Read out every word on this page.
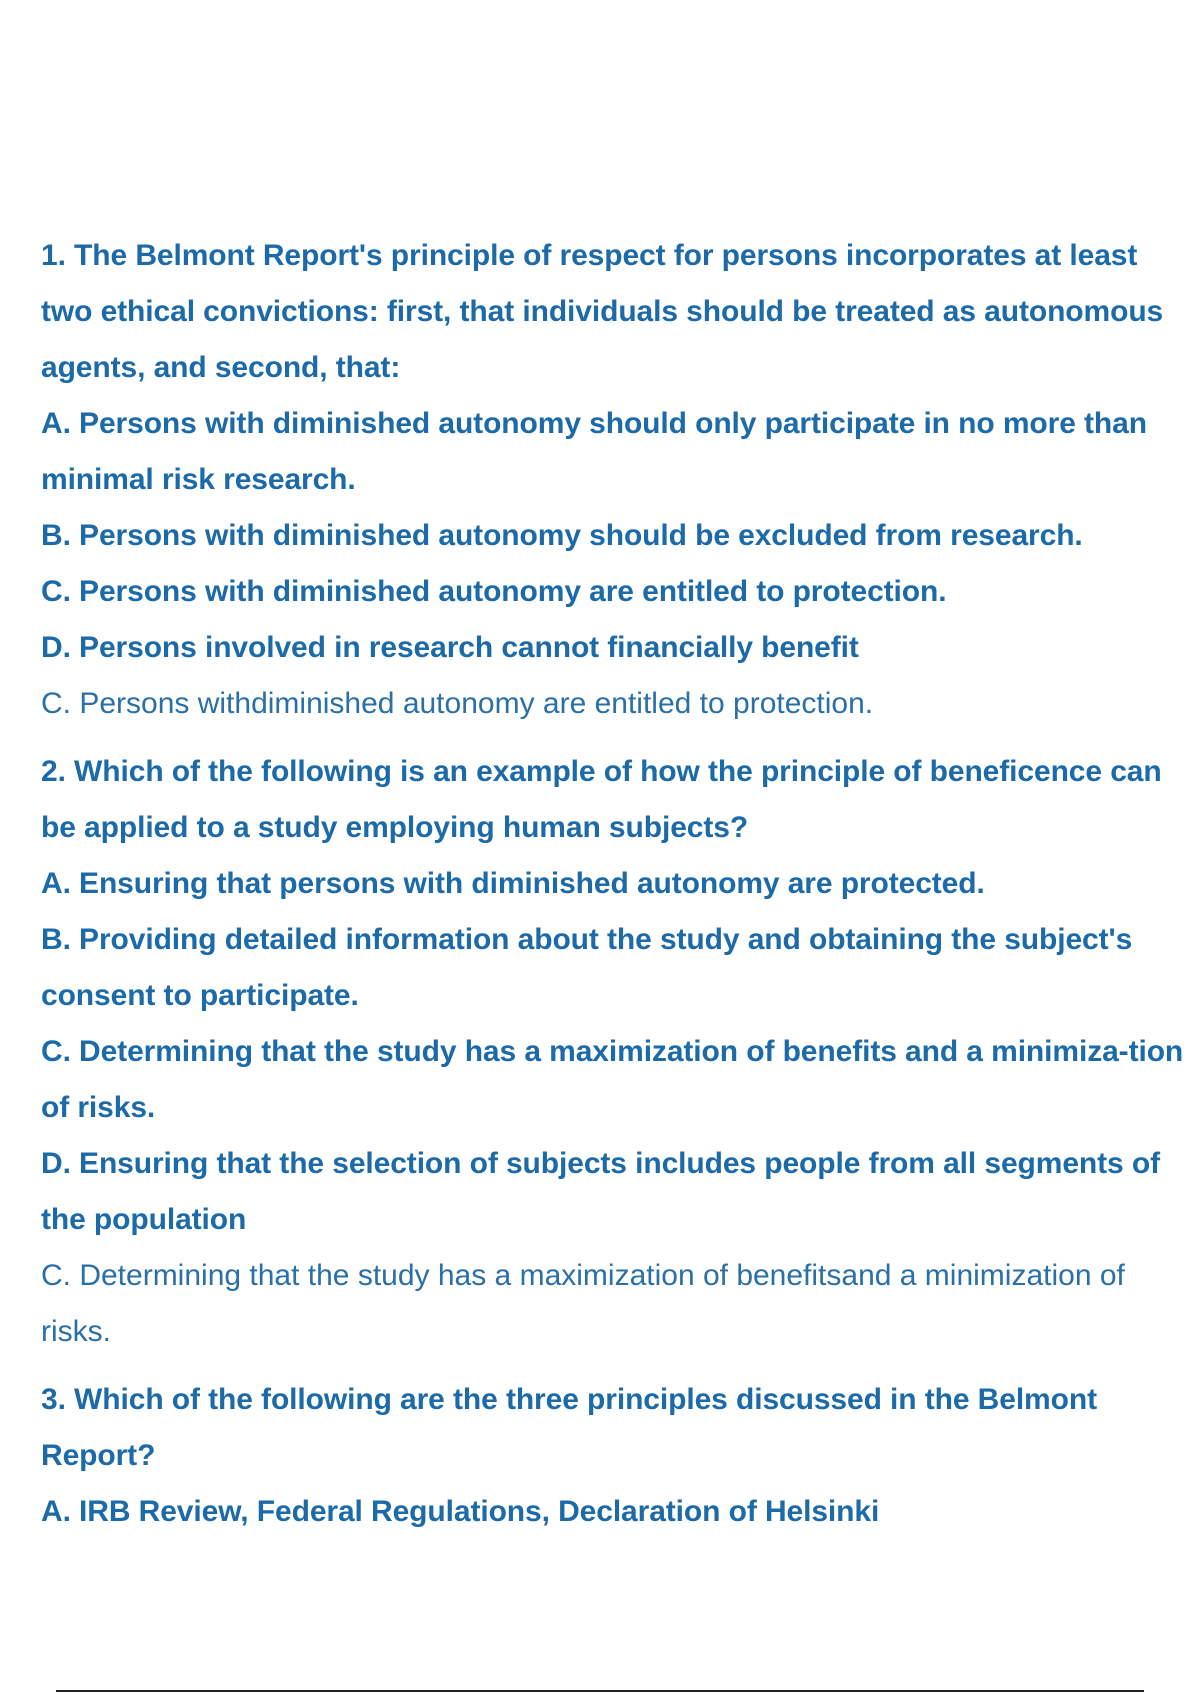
1. The Belmont Report's principle of respect for persons incorporates at least two ethical convictions: first, that individuals should be treated as autonomous agents, and second, that:

A. Persons with diminished autonomy should only participate in no more than minimal risk research.

B. Persons with diminished autonomy should be excluded from research.

C. Persons with diminished autonomy are entitled to protection.

D. Persons involved in research cannot financially benefit

C. Persons withdiminished autonomy are entitled to protection.

2. Which of the following is an example of how the principle of beneficence can be applied to a study employing human subjects?

A. Ensuring that persons with diminished autonomy are protected.

B. Providing detailed information about the study and obtaining the subject's consent to participate.

C. Determining that the study has a maximization of benefits and a minimiza-tion of risks.

D. Ensuring that the selection of subjects includes people from all segments of the population

C. Determining that the study has a maximization of benefitsand a minimization of risks.

3. Which of the following are the three principles discussed in the Belmont Report?

A. IRB Review, Federal Regulations, Declaration of Helsinki
